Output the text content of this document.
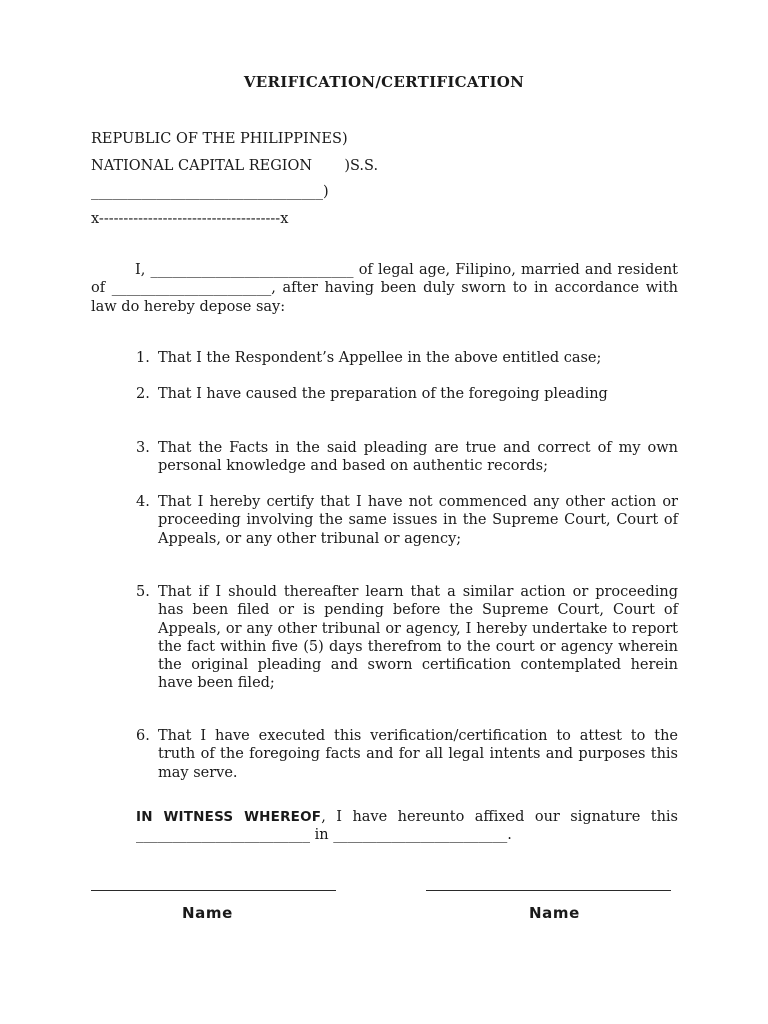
VERIFICATION/CERTIFICATION
REPUBLIC OF THE PHILIPPINES)
NATIONAL CAPITAL REGION       )S.S.
________________________________)
x-------------------------------------x
I, ____________________________ of legal age, Filipino, married and resident of ______________________, after having been duly sworn to in accordance with law do hereby depose say:
1. That I the Respondent’s Appellee in the above entitled case;
2. That I have caused the preparation of the foregoing pleading
3. That the Facts in the said pleading are true and correct of my own personal knowledge and based on authentic records;
4. That I hereby certify that I have not commenced any other action or proceeding involving the same issues in the Supreme Court, Court of Appeals, or any other tribunal or agency;
5. That if I should thereafter learn that a similar action or proceeding has been filed or is pending before the Supreme Court, Court of Appeals, or any other tribunal or agency, I hereby undertake to report the fact within five (5) days therefrom to the court or agency wherein the original pleading and sworn certification contemplated herein have been filed;
6. That I have executed this verification/certification to attest to the truth of the foregoing facts and for all legal intents and purposes this may serve.
IN WITNESS WHEREOF, I have hereunto affixed our signature this ________________________ in ________________________.
Name	Name
